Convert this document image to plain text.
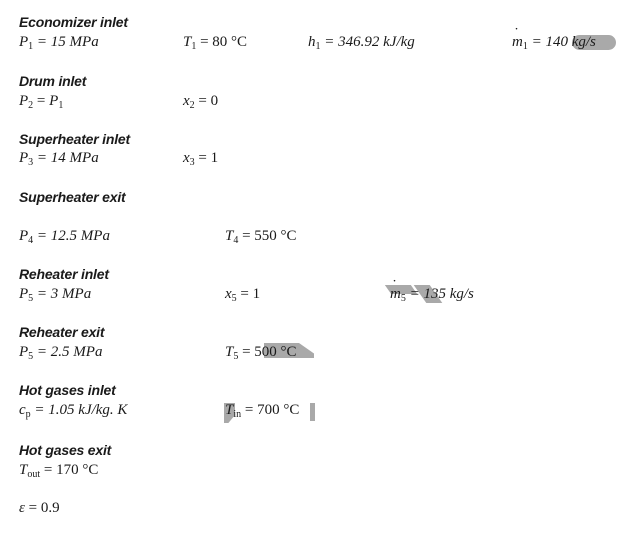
Economizer inlet
$P_1 = 15$ MPa	$T_1 = 80$ °C	$h_1 = 346.92$ kJ/kg	m $˙_1 = 140$ kg/s
Drum inlet
$P_2 = P_1$	$x_2 = 0$
Superheater inlet
$P_3 = 14$ MPa	$x_3 = 1$
Superheater exit
$P_4 = 12.5$ MPa	$T_4 = 550$ °C
Reheater inlet
$P_5 = 3$ MPa	$x_5 = 1$	m $˙_5 = 135$ kg/s
Reheater exit
$P_5 = 2.5$ MPa	$T_5 = 500$ °C
Hot gases inlet
$c_p = 1.05$ kJ/kg. K	$T_{in} = 700$ °C
Hot gases exit
$T_{out} = 170$ °C
ε = 0.9
